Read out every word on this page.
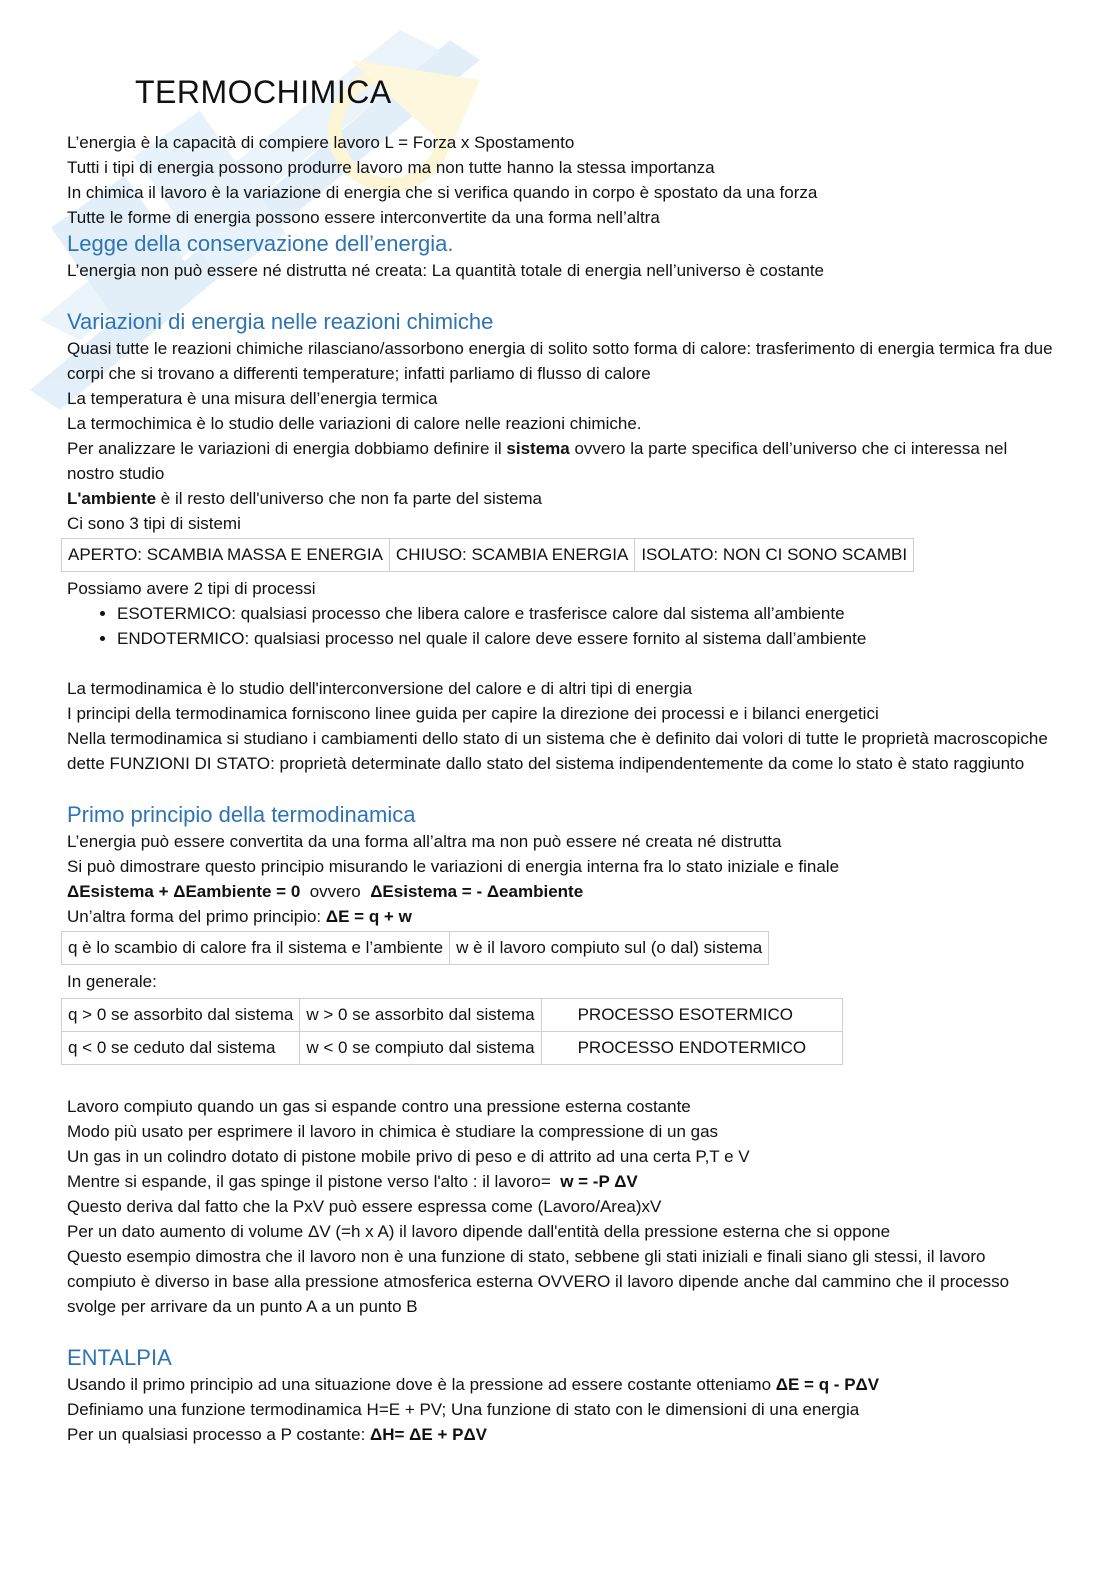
TERMOCHIMICA

L’energia è la capacità di compiere lavoro L = Forza x Spostamento

Tutti i tipi di energia possono produrre lavoro ma non tutte hanno la stessa importanza

In chimica il lavoro è la variazione di energia che si verifica quando in corpo è spostato da una forza

Tutte le forme di energia possono essere interconvertite da una forma nell’altra

Legge della conservazione dell’energia.

L’energia non può essere né distrutta né creata: La quantità totale di energia nell’universo è costante

Variazioni di energia nelle reazioni chimiche

Quasi tutte le reazioni chimiche rilasciano/assorbono energia di solito sotto forma di calore: trasferimento di energia termica fra due corpi che si trovano a differenti temperature; infatti parliamo di flusso di calore

La temperatura è una misura dell’energia termica

La termochimica è lo studio delle variazioni di calore nelle reazioni chimiche.

Per analizzare le variazioni di energia dobbiamo definire il sistema ovvero la parte specifica dell’universo che ci interessa nel nostro studio

L'ambiente è il resto dell'universo che non fa parte del sistema

Ci sono 3 tipi di sistemi

APERTO: SCAMBIA MASSA E ENERGIA	CHIUSO: SCAMBIA ENERGIA	ISOLATO: NON CI SONO SCAMBI

Possiamo avere 2 tipi di processi

• ESOTERMICO: qualsiasi processo che libera calore e trasferisce calore dal sistema all’ambiente
• ENDOTERMICO: qualsiasi processo nel quale il calore deve essere fornito al sistema dall’ambiente

La termodinamica è lo studio dell'interconversione del calore e di altri tipi di energia

I principi della termodinamica forniscono linee guida per capire la direzione dei processi e i bilanci energetici

Nella termodinamica si studiano i cambiamenti dello stato di un sistema che è definito dai volori di tutte le proprietà macroscopiche dette FUNZIONI DI STATO: proprietà determinate dallo stato del sistema indipendentemente da come lo stato è stato raggiunto

Primo principio della termodinamica

L’energia può essere convertita da una forma all’altra ma non può essere né creata né distrutta

Si può dimostrare questo principio misurando le variazioni di energia interna fra lo stato iniziale e finale

ΔEsistema + ΔEambiente = 0  ovvero  ΔEsistema = - Δeambiente

Un’altra forma del primo principio: ΔE = q + w

q è lo scambio di calore fra il sistema e l’ambiente	w è il lavoro compiuto sul (o dal) sistema

In generale:

q > 0 se assorbito dal sistema	w > 0 se assorbito dal sistema	PROCESSO ESOTERMICO
q < 0 se ceduto dal sistema	w < 0 se compiuto dal sistema	PROCESSO ENDOTERMICO

Lavoro compiuto quando un gas si espande contro una pressione esterna costante

Modo più usato per esprimere il lavoro in chimica è studiare la compressione di un gas

Un gas in un colindro dotato di pistone mobile privo di peso e di attrito ad una certa P,T e V

Mentre si espande, il gas spinge il pistone verso l'alto : il lavoro=  w = -P ΔV

Questo deriva dal fatto che la PxV può essere espressa come (Lavoro/Area)xV

Per un dato aumento di volume ΔV (=h x A) il lavoro dipende dall'entità della pressione esterna che si oppone

Questo esempio dimostra che il lavoro non è una funzione di stato, sebbene gli stati iniziali e finali siano gli stessi, il lavoro compiuto è diverso in base alla pressione atmosferica esterna OVVERO il lavoro dipende anche dal cammino che il processo svolge per arrivare da un punto A a un punto B

ENTALPIA

Usando il primo principio ad una situazione dove è la pressione ad essere costante otteniamo ΔE = q - PΔV

Definiamo una funzione termodinamica H=E + PV; Una funzione di stato con le dimensioni di una energia

Per un qualsiasi processo a P costante: ΔH= ΔE + PΔV
